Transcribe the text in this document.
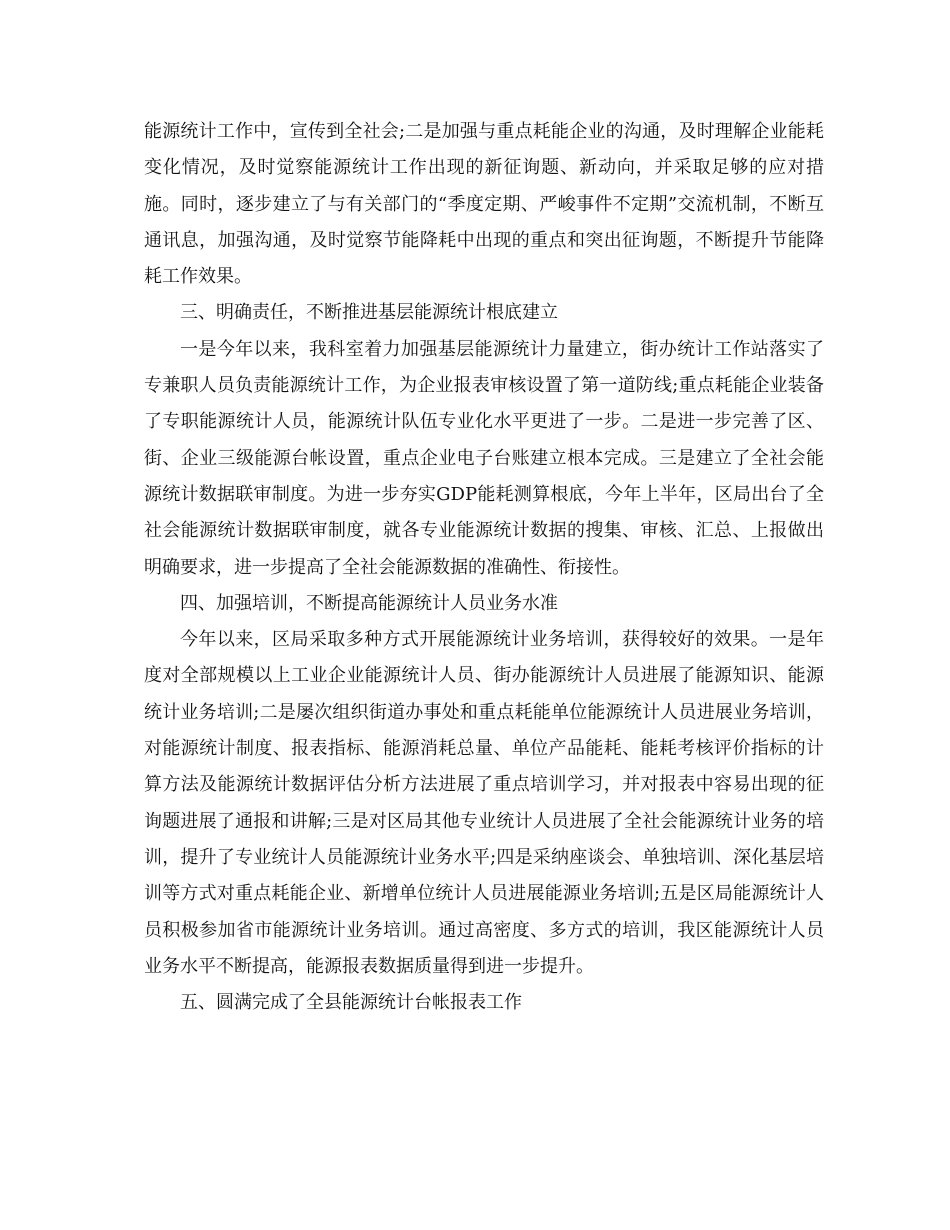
能源统计工作中，宣传到全社会;二是加强与重点耗能企业的沟通，及时理解企业能耗变化情况，及时觉察能源统计工作出现的新征询题、新动向，并采取足够的应对措施。同时，逐步建立了与有关部门的“季度定期、严峻事件不定期”交流机制，不断互通讯息，加强沟通，及时觉察节能降耗中出现的重点和突出征询题，不断提升节能降耗工作效果。

三、明确责任，不断推进基层能源统计根底建立

一是今年以来，我科室着力加强基层能源统计力量建立，街办统计工作站落实了专兼职人员负责能源统计工作，为企业报表审核设置了第一道防线;重点耗能企业装备了专职能源统计人员，能源统计队伍专业化水平更进了一步。二是进一步完善了区、街、企业三级能源台帐设置，重点企业电子台账建立根本完成。三是建立了全社会能源统计数据联审制度。为进一步夯实GDP能耗测算根底，今年上半年，区局出台了全社会能源统计数据联审制度，就各专业能源统计数据的搜集、审核、汇总、上报做出明确要求，进一步提高了全社会能源数据的准确性、衔接性。

四、加强培训，不断提高能源统计人员业务水准

今年以来，区局采取多种方式开展能源统计业务培训，获得较好的效果。一是年度对全部规模以上工业企业能源统计人员、街办能源统计人员进展了能源知识、能源统计业务培训;二是屡次组织街道办事处和重点耗能单位能源统计人员进展业务培训，对能源统计制度、报表指标、能源消耗总量、单位产品能耗、能耗考核评价指标的计算方法及能源统计数据评估分析方法进展了重点培训学习，并对报表中容易出现的征询题进展了通报和讲解;三是对区局其他专业统计人员进展了全社会能源统计业务的培训，提升了专业统计人员能源统计业务水平;四是采纳座谈会、单独培训、深化基层培训等方式对重点耗能企业、新增单位统计人员进展能源业务培训;五是区局能源统计人员积极参加省市能源统计业务培训。通过高密度、多方式的培训，我区能源统计人员业务水平不断提高，能源报表数据质量得到进一步提升。

五、圆满完成了全县能源统计台帐报表工作
